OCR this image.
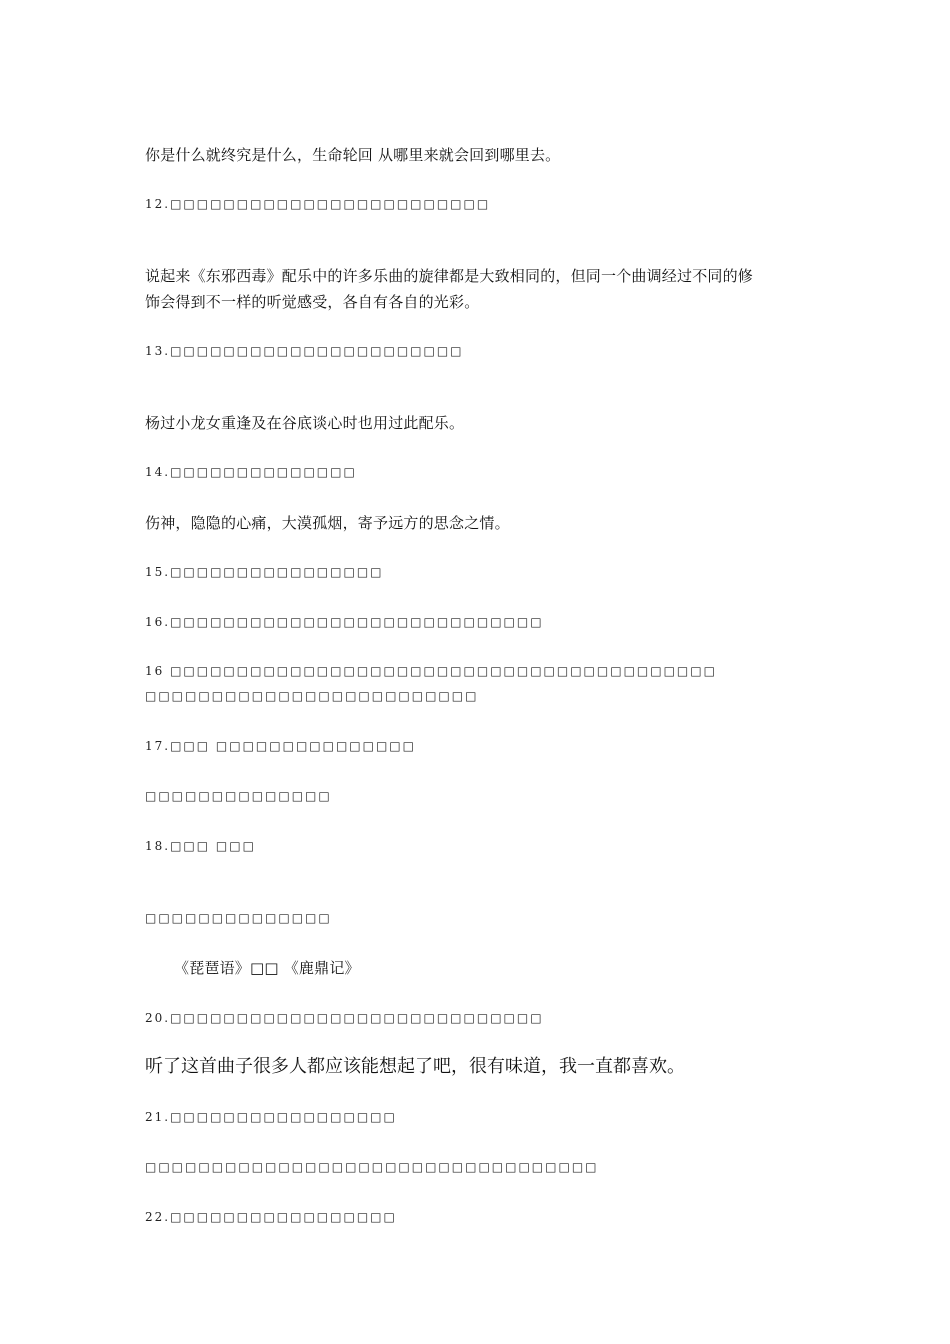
你是什么就终究是什么，生命轮回 从哪里来就会回到哪里去。
12.□□□□□□□□□□□□□□□□□□□□□□□□
说起来《东邪西毒》配乐中的许多乐曲的旋律都是大致相同的，但同一个曲调经过不同的修
饰会得到不一样的听觉感受，各自有各自的光彩。
13.□□□□□□□□□□□□□□□□□□□□□□
杨过小龙女重逢及在谷底谈心时也用过此配乐。
14.□□□□□□□□□□□□□□
伤神，隐隐的心痛，大漠孤烟，寄予远方的思念之情。
15.□□□□□□□□□□□□□□□□
16.□□□□□□□□□□□□□□□□□□□□□□□□□□□□
16 □□□□□□□□□□□□□□□□□□□□□□□□□□□□□□□□□□□□□□□□□
□□□□□□□□□□□□□□□□□□□□□□□□□
17.□□□ □□□□□□□□□□□□□□□
□□□□□□□□□□□□□□
18.□□□ □□□
□□□□□□□□□□□□□□
《琵琶语》□□ 《鹿鼎记》
20.□□□□□□□□□□□□□□□□□□□□□□□□□□□□
听了这首曲子很多人都应该能想起了吧，很有味道，我一直都喜欢。
21.□□□□□□□□□□□□□□□□□
□□□□□□□□□□□□□□□□□□□□□□□□□□□□□□□□□□
22.□□□□□□□□□□□□□□□□□
